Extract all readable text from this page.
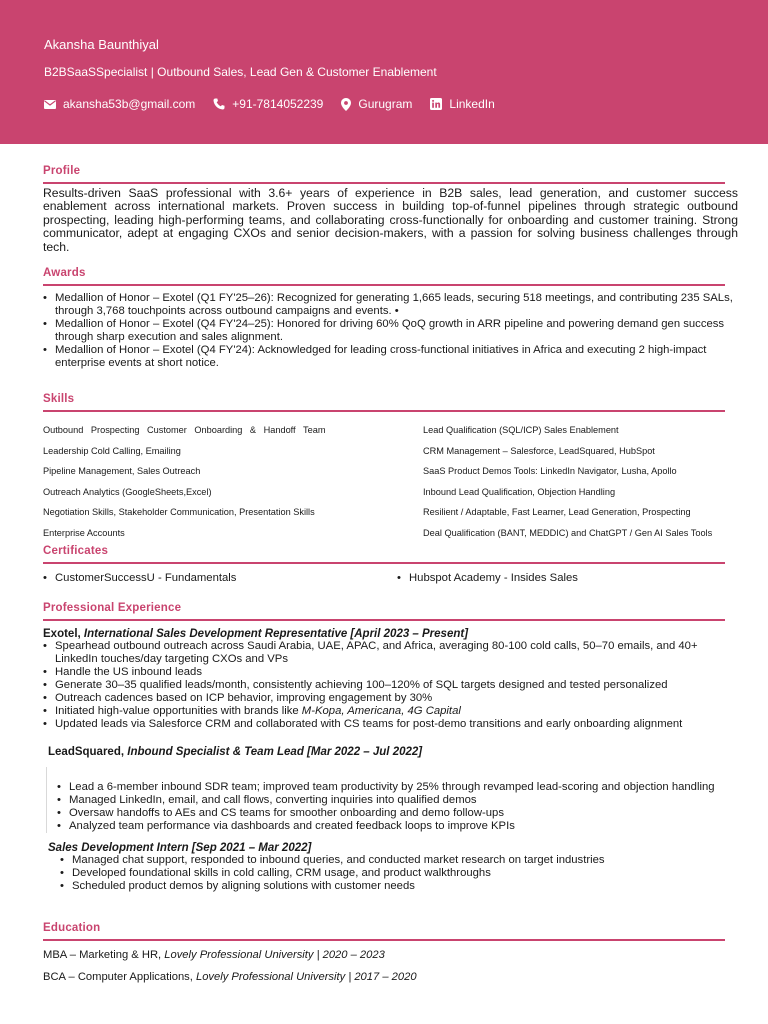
Akansha Baunthiyal
B2BSaaSSpecialist | Outbound Sales, Lead Gen & Customer Enablement
akansha53b@gmail.com	+91-7814052239	Gurugram	LinkedIn
Profile
Results-driven SaaS professional with 3.6+ years of experience in B2B sales, lead generation, and customer success enablement across international markets. Proven success in building top-of-funnel pipelines through strategic outbound prospecting, leading high-performing teams, and collaborating cross-functionally for onboarding and customer training. Strong communicator, adept at engaging CXOs and senior decision-makers, with a passion for solving business challenges through tech.
Awards
• Medallion of Honor – Exotel (Q1 FY'25–26): Recognized for generating 1,665 leads, securing 518 meetings, and contributing 235 SALs, through 3,768 touchpoints across outbound campaigns and events. •
• Medallion of Honor – Exotel (Q4 FY'24–25): Honored for driving 60% QoQ growth in ARR pipeline and powering demand gen success through sharp execution and sales alignment.
• Medallion of Honor – Exotel (Q4 FY'24): Acknowledged for leading cross-functional initiatives in Africa and executing 2 high-impact enterprise events at short notice.
Skills
Outbound Prospecting Customer Onboarding & Handoff Team	Lead Qualification (SQL/ICP) Sales Enablement
Leadership Cold Calling, Emailing	CRM Management – Salesforce, LeadSquared, HubSpot
Pipeline Management, Sales Outreach	SaaS Product Demos Tools: LinkedIn Navigator, Lusha, Apollo
Outreach Analytics (GoogleSheets,Excel)	Inbound Lead Qualification, Objection Handling
Negotiation Skills, Stakeholder Communication, Presentation Skills	Resilient / Adaptable, Fast Learner, Lead Generation, Prospecting
Enterprise Accounts	Deal Qualification (BANT, MEDDIC) and ChatGPT / Gen AI Sales Tools
Certificates
• CustomerSuccessU - Fundamentals
•	Hubspot Academy - Insides Sales
Professional Experience
Exotel, International Sales Development Representative [April 2023 – Present]
• Spearhead outbound outreach across Saudi Arabia, UAE, APAC, and Africa, averaging 80-100 cold calls, 50–70 emails, and 40+ LinkedIn touches/day targeting CXOs and VPs
• Handle the US inbound leads
• Generate 30–35 qualified leads/month, consistently achieving 100–120% of SQL targets designed and tested personalized
• Outreach cadences based on ICP behavior, improving engagement by 30%
• Initiated high-value opportunities with brands like M-Kopa, Americana, 4G Capital
• Updated leads via Salesforce CRM and collaborated with CS teams for post-demo transitions and early onboarding alignment
LeadSquared, Inbound Specialist & Team Lead [Mar 2022 – Jul 2022]
• Lead a 6-member inbound SDR team; improved team productivity by 25% through revamped lead-scoring and objection handling
• Managed LinkedIn, email, and call flows, converting inquiries into qualified demos
• Oversaw handoffs to AEs and CS teams for smoother onboarding and demo follow-ups
• Analyzed team performance via dashboards and created feedback loops to improve KPIs
Sales Development Intern [Sep 2021 – Mar 2022]
• Managed chat support, responded to inbound queries, and conducted market research on target industries
• Developed foundational skills in cold calling, CRM usage, and product walkthroughs
• Scheduled product demos by aligning solutions with customer needs
Education
MBA – Marketing & HR, Lovely Professional University | 2020 – 2023
BCA – Computer Applications, Lovely Professional University | 2017 – 2020
